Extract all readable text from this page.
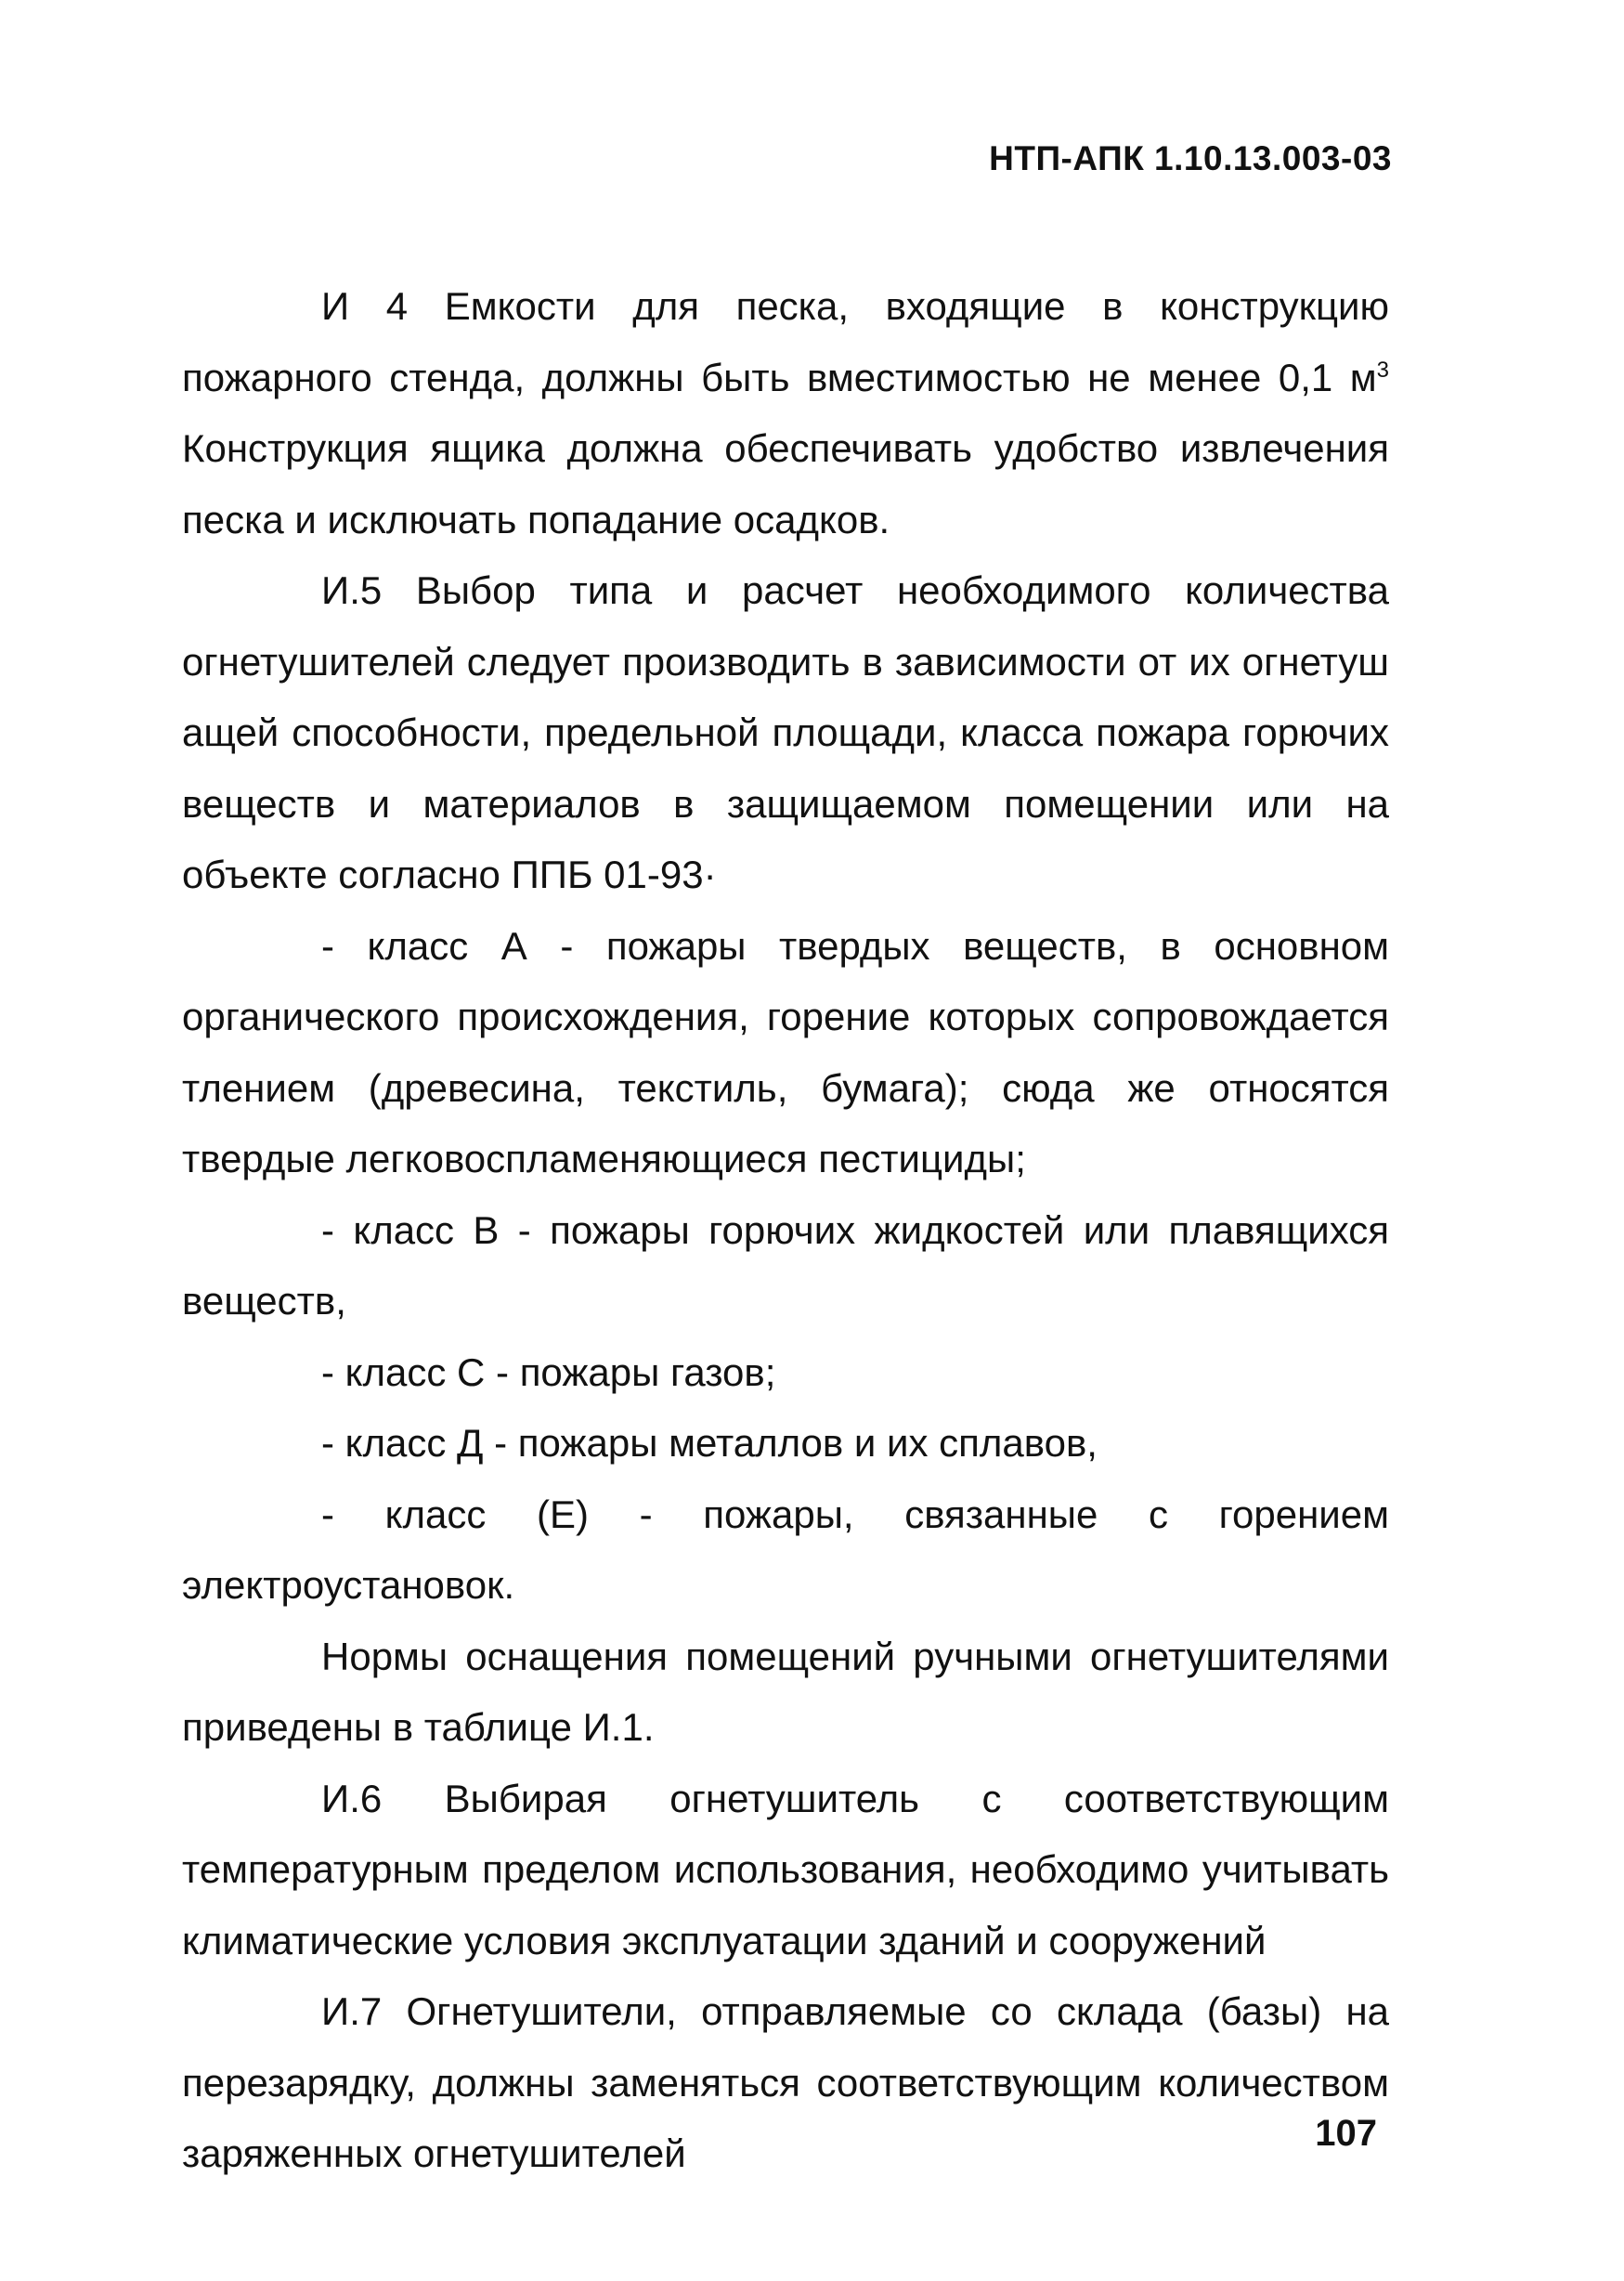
НТП-АПК 1.10.13.003-03

И 4 Емкости для песка, входящие в конструкцию пожарного стенда, должны быть вместимостью не менее 0,1 $м^3$ Конструкция ящика должна обеспечивать удобство извлечения песка и исключать попадание осадков.

И.5 Выбор типа и расчет необходимого количества огнетушителей следует производить в зависимости от их огнетуш ащей способности, предельной площади, класса пожара горючих веществ и материалов в защищаемом помещении или на объекте согласно ППБ 01-93·

- класс А - пожары твердых веществ, в основном органического происхождения, горение которых сопровождается тлением (древесина, текстиль, бумага); сюда же относятся твердые легковоспламеняющиеся пестициды;

- класс В - пожары горючих жидкостей или плавящихся веществ,

- класс С - пожары газов;

- класс Д - пожары металлов и их сплавов,

- класс (Е) - пожары, связанные с горением электроустановок.

Нормы оснащения помещений ручными огнетушителями приведены в таблице И.1.

И.6 Выбирая огнетушитель с соответствующим температурным пределом использования, необходимо учитывать климатические условия эксплуатации зданий и сооружений

И.7 Огнетушители, отправляемые со склада (базы) на перезарядку, должны заменяться соответствующим количеством заряженных огнетушителей	107
